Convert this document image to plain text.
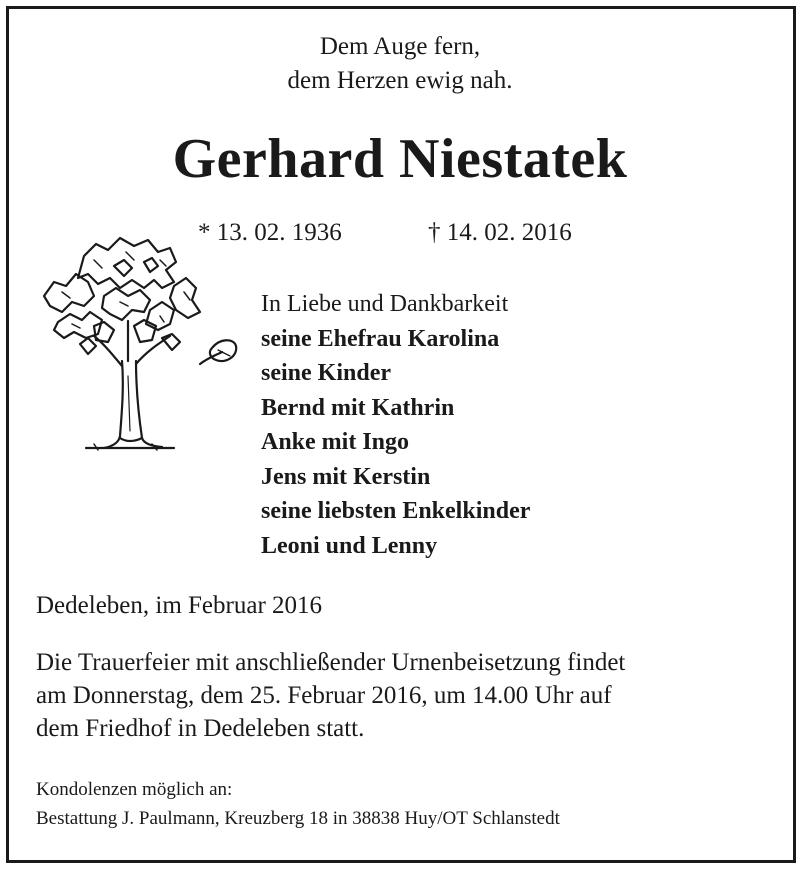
Dem Auge fern,
dem Herzen ewig nah.
Gerhard Niestatek
* 13. 02. 1936	† 14. 02. 2016
In Liebe und Dankbarkeit
seine Ehefrau Karolina
seine Kinder
Bernd mit Kathrin
Anke mit Ingo
Jens mit Kerstin
seine liebsten Enkelkinder
Leoni und Lenny
Dedeleben, im Februar 2016
Die Trauerfeier mit anschließender Urnenbeisetzung findet
am Donnerstag, dem 25. Februar 2016, um 14.00 Uhr auf
dem Friedhof in Dedeleben statt.
Kondolenzen möglich an:
Bestattung J. Paulmann, Kreuzberg 18 in 38838 Huy/OT Schlanstedt
